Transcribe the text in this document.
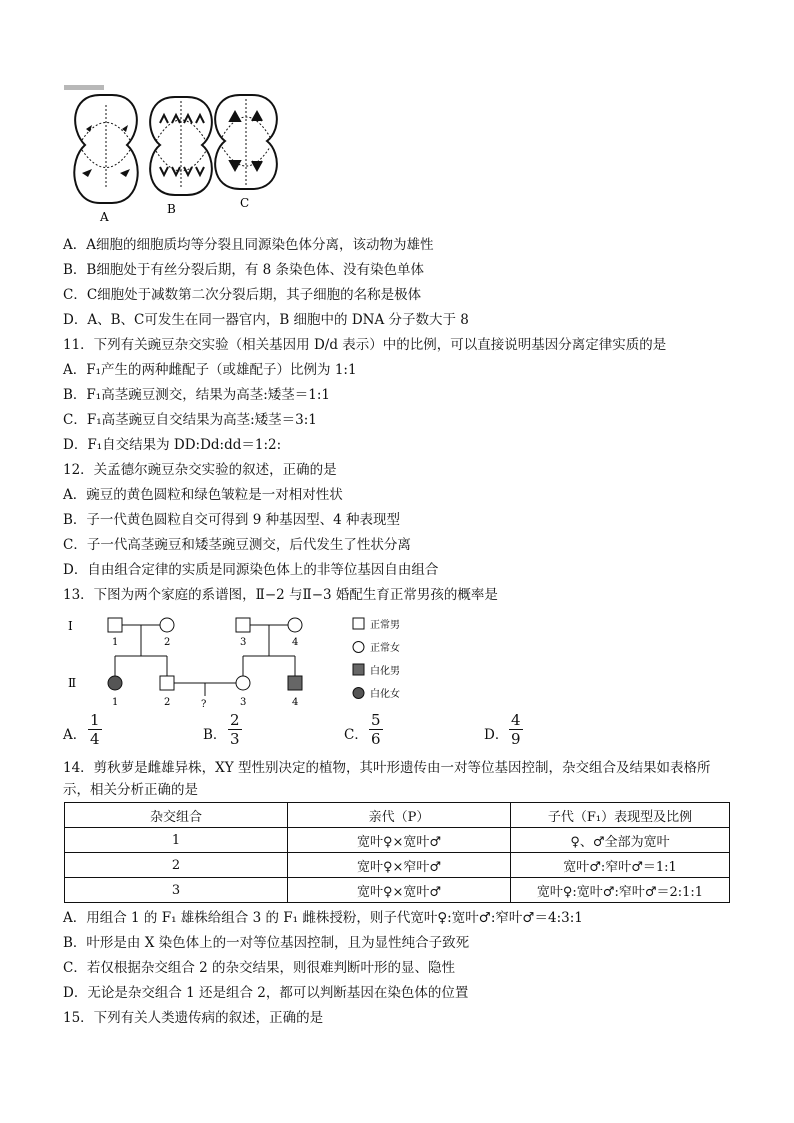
A
B	C
A．A细胞的细胞质均等分裂且同源染色体分离，该动物为雄性
B．B细胞处于有丝分裂后期，有 8 条染色体、没有染色单体
C．C细胞处于减数第二次分裂后期，其子细胞的名称是极体
D．A、B、C可发生在同一器官内，B 细胞中的 DNA 分子数大于 8
11．下列有关豌豆杂交实验（相关基因用 D/d 表示）中的比例，可以直接说明基因分离定律实质的是
A．F₁产生的两种雌配子（或雄配子）比例为 1:1
B．F₁高茎豌豆测交，结果为高茎:矮茎＝1:1
C．F₁高茎豌豆自交结果为高茎:矮茎＝3:1
D．F₁自交结果为 DD:Dd:dd＝1:2:
12．关孟德尔豌豆杂交实验的叙述，正确的是
A．豌豆的黄色圆粒和绿色皱粒是一对相对性状
B．子一代黄色圆粒自交可得到 9 种基因型、4 种表现型
C．子一代高茎豌豆和矮茎豌豆测交，后代发生了性状分离
D．自由组合定律的实质是同源染色体上的非等位基因自由组合
13．下图为两个家庭的系谱图，Ⅱ−2 与Ⅱ−3 婚配生育正常男孩的概率是
Ⅰ
Ⅱ
1	2	3	4
?
1	2	3	4
正常男
正常女
白化男
白化女
A． $\frac{1}{4}$	B． $\frac{2}{3}$	C． $\frac{5}{6}$	D． $\frac{4}{9}$
14．剪秋萝是雌雄异株，XY 型性别决定的植物，其叶形遗传由一对等位基因控制，杂交组合及结果如表格所
示，相关分析正确的是
杂交组合	亲代（P）	子代（F₁）表现型及比例
1	宽叶♀×宽叶♂	♀、♂全部为宽叶
2	宽叶♀×窄叶♂	宽叶♂:窄叶♂＝1:1
3	宽叶♀×宽叶♂	宽叶♀:宽叶♂:窄叶♂＝2:1:1
A．用组合 1 的 F₁ 雄株给组合 3 的 F₁ 雌株授粉，则子代宽叶♀:宽叶♂:窄叶♂＝4:3:1
B．叶形是由 X 染色体上的一对等位基因控制，且为显性纯合子致死
C．若仅根据杂交组合 2 的杂交结果，则很难判断叶形的显、隐性
D．无论是杂交组合 1 还是组合 2，都可以判断基因在染色体的位置
15．下列有关人类遗传病的叙述，正确的是
